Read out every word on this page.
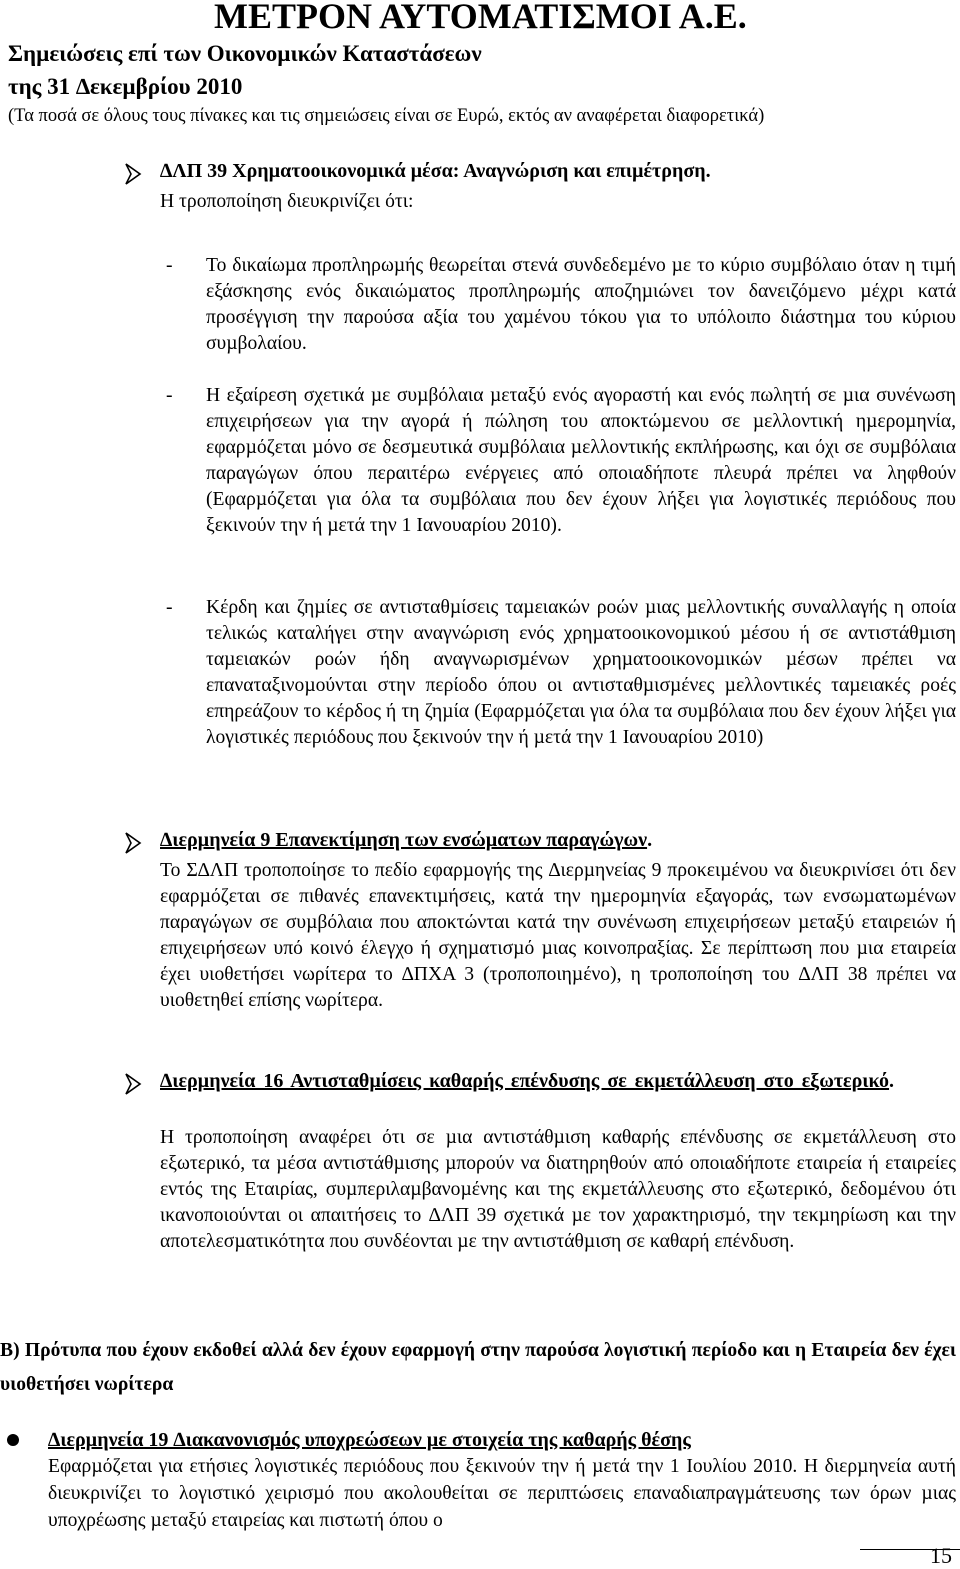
ΜΕΤΡΟΝ ΑΥΤΟΜΑΤΙΣΜΟΙ Α.Ε.
Σηµειώσεις επί των Οικονοµικών Καταστάσεων
της 31 ∆εκεµβρίου 2010
(Τα ποσά σε όλους τους πίνακες και τις σηµειώσεις είναι σε Ευρώ, εκτός αν αναφέρεται διαφορετικά)
∆ΛΠ 39 Χρηµατοοικονοµικά µέσα: Αναγνώριση και επιµέτρηση.
Η τροποποίηση διευκρινίζει ότι:
- Το δικαίωµα προπληρωµής θεωρείται στενά συνδεδεµένο µε το κύριο συµβόλαιο όταν η τιµή εξάσκησης ενός δικαιώµατος προπληρωµής αποζηµιώνει τον δανειζόµενο µέχρι κατά προσέγγιση την παρούσα αξία του χαµένου τόκου για το υπόλοιπο διάστηµα του κύριου συµβολαίου.
- Η εξαίρεση σχετικά µε συµβόλαια µεταξύ ενός αγοραστή και ενός πωλητή σε µια συνένωση επιχειρήσεων για την αγορά ή πώληση του αποκτώµενου σε µελλοντική ηµεροµηνία, εφαρµόζεται µόνο σε δεσµευτικά συµβόλαια µελλοντικής εκπλήρωσης, και όχι σε συµβόλαια παραγώγων όπου περαιτέρω ενέργειες από οποιαδήποτε πλευρά πρέπει να ληφθούν (Εφαρµόζεται για όλα τα συµβόλαια που δεν έχουν λήξει για λογιστικές περιόδους που ξεκινούν την ή µετά την 1 Ιανουαρίου 2010).
- Κέρδη και ζηµίες σε αντισταθµίσεις ταµειακών ροών µιας µελλοντικής συναλλαγής η οποία τελικώς καταλήγει στην αναγνώριση ενός χρηµατοοικονοµικού µέσου ή σε αντιστάθµιση ταµειακών ροών ήδη αναγνωρισµένων χρηµατοοικονοµικών µέσων πρέπει να επαναταξινοµούνται στην περίοδο όπου οι αντισταθµισµένες µελλοντικές ταµειακές ροές επηρεάζουν το κέρδος ή τη ζηµία (Εφαρµόζεται για όλα τα συµβόλαια που δεν έχουν λήξει για λογιστικές περιόδους που ξεκινούν την ή µετά την 1 Ιανουαρίου 2010)
∆ιερµηνεία 9 Επανεκτίµηση των ενσώµατων παραγώγων.
Το Σ∆ΛΠ τροποποίησε το πεδίο εφαρµογής της ∆ιερµηνείας 9 προκειµένου να διευκρινίσει ότι δεν εφαρµόζεται σε πιθανές επανεκτιµήσεις, κατά την ηµεροµηνία εξαγοράς, των ενσωµατωµένων παραγώγων σε συµβόλαια που αποκτώνται κατά την συνένωση επιχειρήσεων µεταξύ εταιρειών ή επιχειρήσεων υπό κοινό έλεγχο ή σχηµατισµό µιας κοινοπραξίας. Σε περίπτωση που µια εταιρεία έχει υιοθετήσει νωρίτερα το ∆ΠΧΑ 3 (τροποποιηµένο), η τροποποίηση του ∆ΛΠ 38 πρέπει να υιοθετηθεί επίσης νωρίτερα.
∆ιερµηνεία 16 Αντισταθµίσεις καθαρής επένδυσης σε εκµετάλλευση στο εξωτερικό.
Η τροποποίηση αναφέρει ότι σε µια αντιστάθµιση καθαρής επένδυσης σε εκµετάλλευση στο εξωτερικό, τα µέσα αντιστάθµισης µπορούν να διατηρηθούν από οποιαδήποτε εταιρεία ή εταιρείες εντός της Εταιρίας, συµπεριλαµβανοµένης και της εκµετάλλευσης στο εξωτερικό, δεδοµένου ότι ικανοποιούνται οι απαιτήσεις το ∆ΛΠ 39 σχετικά µε τον χαρακτηρισµό, την τεκµηρίωση και την αποτελεσµατικότητα που συνδέονται µε την αντιστάθµιση σε καθαρή επένδυση.
Β) Πρότυπα που έχουν εκδοθεί αλλά δεν έχουν εφαρµογή στην παρούσα λογιστική περίοδο και η Εταιρεία δεν έχει υιοθετήσει νωρίτερα
∆ιερµηνεία 19 ∆ιακανονισµός υποχρεώσεων µε στοιχεία της καθαρής θέσης
Εφαρµόζεται για ετήσιες λογιστικές περιόδους που ξεκινούν την ή µετά την 1 Ιουλίου 2010. Η διερµηνεία αυτή διευκρινίζει το λογιστικό χειρισµό που ακολουθείται σε περιπτώσεις επαναδιαπραγµάτευσης των όρων µιας υποχρέωσης µεταξύ εταιρείας και πιστωτή όπου ο
15
